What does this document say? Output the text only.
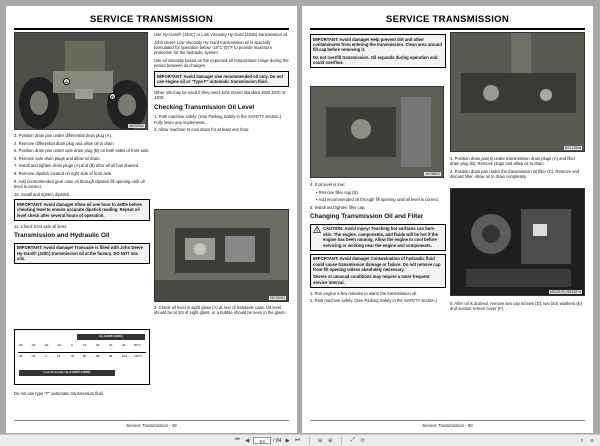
SERVICE TRANSMISSION
A
B
MX32982

3. Position drain pan under differential drain plug (A).

4. Remove differential drain plug and allow oil to drain.

5. Position drain pan under axle drain plug (B) on both sides of front axle.

6. Remove axle drain plugs and allow oil drain.

7. Install and tighten drain plugs (A) and (B) after all oil has drained.

8. Remove dipstick located on right side of front axle.

9. Add recommended gear case oil through dipstick fill opening until oil level is correct.

10. Install and tighten dipstick.

IMPORTANT: Avoid damage! Allow oil one hour to settle before checking level to ensure accurate dipstick reading. Repeat oil level check after several hours of operation.

11. Check front axle oil level.

Transmission and Hydraulic Oil
IMPORTANT: Avoid damage! Transaxle is filled with John Deere Hy-Gard® (J20C) transmission oil at the factory. DO NOT mix oils.
Hy-GARD (J20C)
-40	-30	-20	-10	0	10	20	30	40	50°C
-40	-22	-4	14	32	50	68	86	104 122°F
Low Viscosity Hy-GARD® (J20D)

Do not use type "F" automatic transmission fluid.

Use Hy-Gard® (J20C) or Low Viscosity Hy-Gard (J20D) transmission oil.

John Deere Low Viscosity Hy-Gard transmission oil is specially formulated for operation below -18°C (0)°F to provide maximum protection for the hydraulic system.

Use oil viscosity based on the expected air temperature range during the period between oil changes.

IMPORTANT: Avoid damage! Use recommended oil only. Do not use engine oil or "Type F" automatic transmission fluid.

Other oils may be used if they meet John Deere standard JDM J20C or J20D.

Checking Transmission Oil Level

1. Park machine safely. (See Parking Safely in the SAFETY section.) Fully lower any implements.

2. Allow machine to cool down for at least one hour.

MX33092

3. Check oil level in sight glass (A) at rear of transaxle case. Oil level should be at 3/4 of sight glass, or a bubble should be seen in the glass.

Service Transmission - 49
SERVICE TRANSMISSION
IMPORTANT: Avoid damage! Help prevent dirt and other contaminants from entering the transmission. Clean area around fill cap before removing it.
Do not overfill transmission. Oil expands during operation and could overflow.
MX35893

4. If oil level is low:

• Remove filler cap (B).

• Add recommended oil through fill opening until oil level is correct.

5. Install and tighten filler cap.

Changing Transmission Oil and Filter
CAUTION: Avoid injury! Touching hot surfaces can burn skin. The engine, components, and fluids will be hot if the engine has been running. Allow the engine to cool before servicing or working near the engine and components.
IMPORTANT: Avoid damage! Contamination of hydraulic fluid could cause transmission damage or failure. Do not remove cap from fill opening unless absolutely necessary.
Severe or unusual conditions may require a more frequent service interval.

1. Run engine a few minutes to warm the transmission oil.

2. Park machine safely. (See Parking Safely in the SAFETY section.)

MX12258a

3. Position drain pan(s) under transmission drain plugs (A) and filter drain plug (B). Remove plugs and allow oil to drain.

4. Position drain pan under the transmission oil filter (C). Remove and discard filter. Allow oil to drain completely.

MX13190, MX13274

5. After oil is drained, remove two cap screws (D), two lock washers (E) and suction screen cover (F).

Service Transmission - 50
⏮ ◀	53	/ 84 ▶ ⏭	⊖ ⊕	⤢ ⟳	⌕	≡
